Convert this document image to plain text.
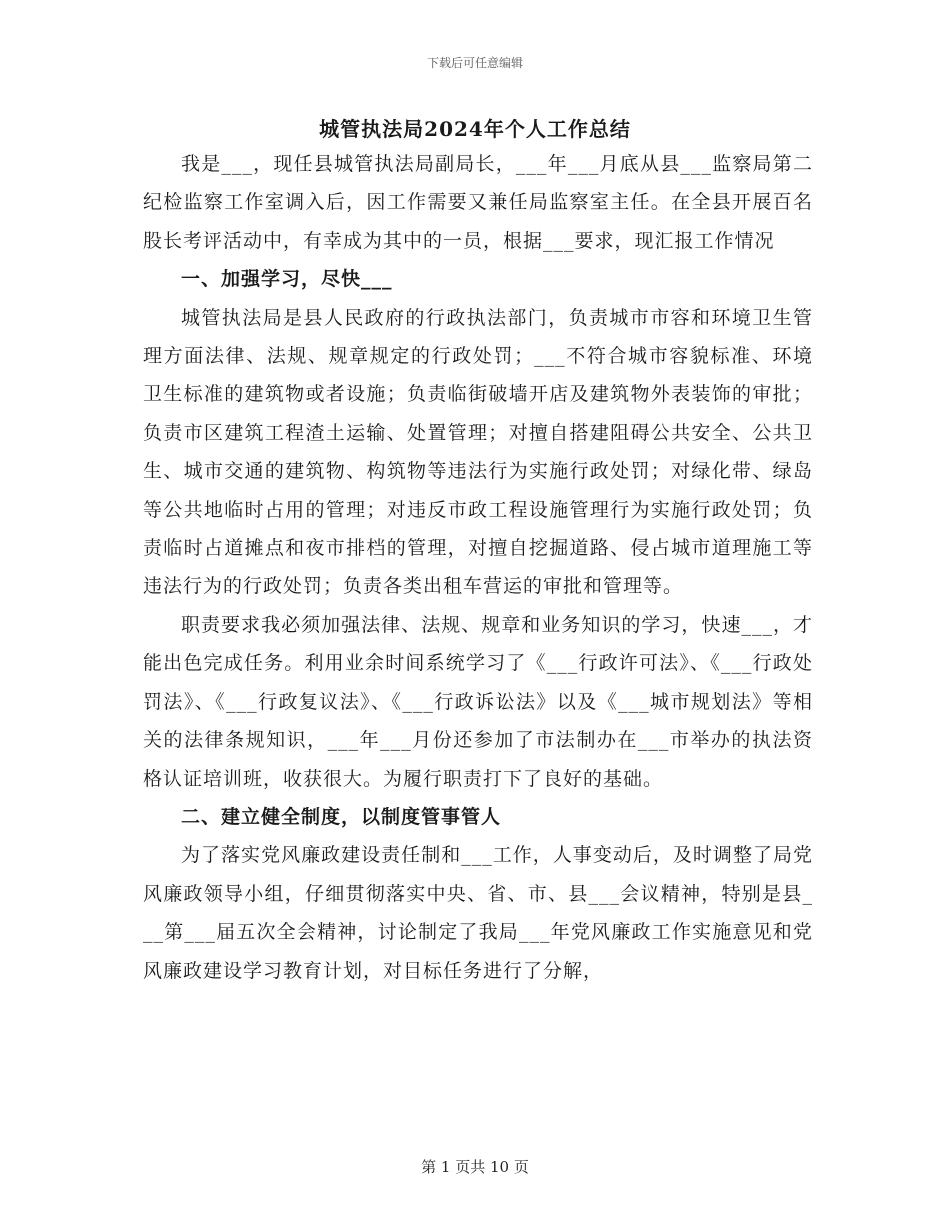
下载后可任意编辑
城管执法局2024年个人工作总结

我是___，现任县城管执法局副局长，___年___月底从县___监察局第二纪检监察工作室调入后，因工作需要又兼任局监察室主任。在全县开展百名股长考评活动中，有幸成为其中的一员，根据___要求，现汇报工作情况

一、加强学习，尽快___

城管执法局是县人民政府的行政执法部门，负责城市市容和环境卫生管理方面法律、法规、规章规定的行政处罚；___不符合城市容貌标准、环境卫生标准的建筑物或者设施；负责临街破墙开店及建筑物外表装饰的审批；负责市区建筑工程渣土运输、处置管理；对擅自搭建阻碍公共安全、公共卫生、城市交通的建筑物、构筑物等违法行为实施行政处罚；对绿化带、绿岛等公共地临时占用的管理；对违反市政工程设施管理行为实施行政处罚；负责临时占道摊点和夜市排档的管理，对擅自挖掘道路、侵占城市道理施工等违法行为的行政处罚；负责各类出租车营运的审批和管理等。

职责要求我必须加强法律、法规、规章和业务知识的学习，快速___，才能出色完成任务。利用业余时间系统学习了《___行政许可法》、《___行政处罚法》、《___行政复议法》、《___行政诉讼法》以及《___城市规划法》等相关的法律条规知识，___年___月份还参加了市法制办在___市举办的执法资格认证培训班，收获很大。为履行职责打下了良好的基础。

二、建立健全制度，以制度管事管人

为了落实党风廉政建设责任制和___工作，人事变动后，及时调整了局党风廉政领导小组，仔细贯彻落实中央、省、市、县___会议精神，特别是县___第___届五次全会精神，讨论制定了我局___年党风廉政工作实施意见和党风廉政建设学习教育计划，对目标任务进行了分解，

第 1 页共 10 页
